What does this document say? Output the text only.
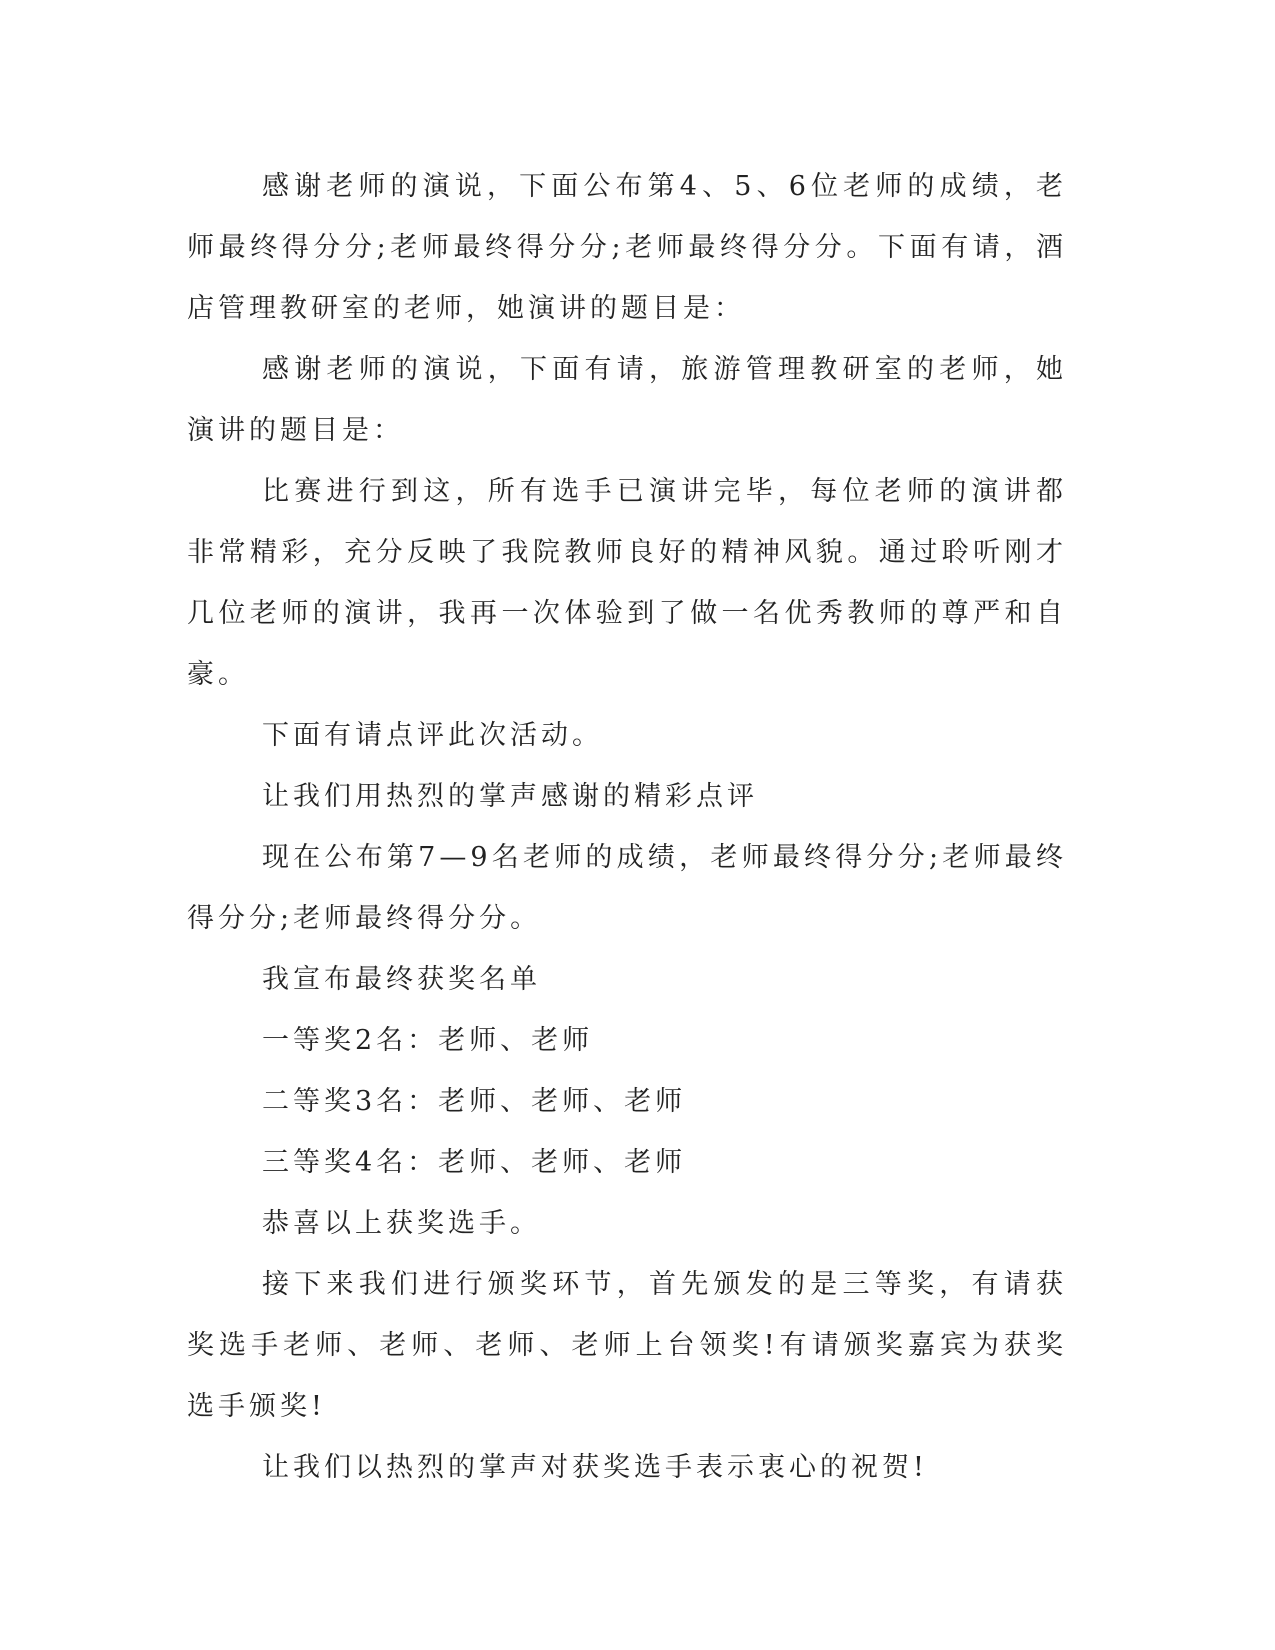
感谢老师的演说，下面公布第4、5、6位老师的成绩，老师最终得分分;老师最终得分分;老师最终得分分。下面有请，酒店管理教研室的老师，她演讲的题目是：

感谢老师的演说，下面有请，旅游管理教研室的老师，她演讲的题目是：

比赛进行到这，所有选手已演讲完毕，每位老师的演讲都非常精彩，充分反映了我院教师良好的精神风貌。通过聆听刚才几位老师的演讲，我再一次体验到了做一名优秀教师的尊严和自豪。

下面有请点评此次活动。

让我们用热烈的掌声感谢的精彩点评

现在公布第7—9名老师的成绩，老师最终得分分;老师最终得分分;老师最终得分分。

我宣布最终获奖名单

一等奖2名：老师、老师

二等奖3名：老师、老师、老师

三等奖4名：老师、老师、老师

恭喜以上获奖选手。

接下来我们进行颁奖环节，首先颁发的是三等奖，有请获奖选手老师、老师、老师、老师上台领奖!有请颁奖嘉宾为获奖选手颁奖!

让我们以热烈的掌声对获奖选手表示衷心的祝贺!
